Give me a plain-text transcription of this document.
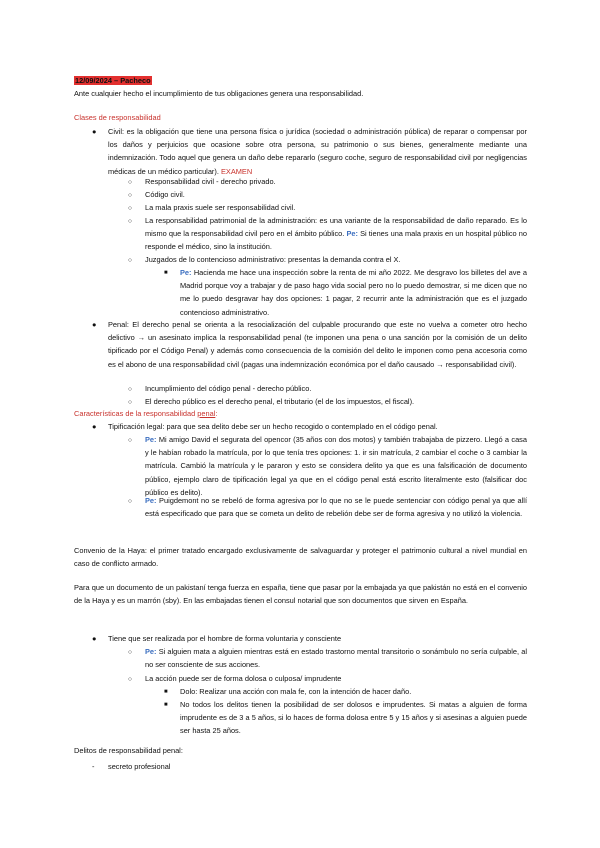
12/09/2024 – Pacheco

Ante cualquier hecho el incumplimiento de tus obligaciones genera una responsabilidad.

Clases de responsabilidad

● Civil: es la obligación que tiene una persona física o jurídica (sociedad o administración pública) de reparar o compensar por los daños y perjuicios que ocasione sobre otra persona, su patrimonio o sus bienes, generalmente mediante una indemnización. Todo aquel que genera un daño debe repararlo (seguro coche, seguro de responsabilidad civil por negligencias médicas de un médico particular). EXAMEN

○ Responsabilidad civil - derecho privado.

○ Código civil.

○ La mala praxis suele ser responsabilidad civil.

○ La responsabilidad patrimonial de la administración: es una variante de la responsabilidad de daño reparado. Es lo mismo que la responsabilidad civil pero en el ámbito público. Pe: Si tienes una mala praxis en un hospital público no responde el médico, sino la institución.

○ Juzgados de lo contencioso administrativo: presentas la demanda contra el X.

■ Pe: Hacienda me hace una inspección sobre la renta de mi año 2022. Me desgravo los billetes del ave a Madrid porque voy a trabajar y de paso hago vida social pero no lo puedo demostrar, si me dicen que no me lo puedo desgravar hay dos opciones: 1 pagar, 2 recurrir ante la administración que es el juzgado contencioso administrativo.

● Penal: El derecho penal se orienta a la resocialización del culpable procurando que este no vuelva a cometer otro hecho delictivo → un asesinato implica la responsabilidad penal (te imponen una pena o una sanción por la comisión de un delito tipificado por el Código Penal) y además como consecuencia de la comisión del delito le imponen como pena accesoria como es el abono de una responsabilidad civil (pagas una indemnización económica por el daño causado → responsabilidad civil).

○ Incumplimiento del código penal - derecho público.

○ El derecho público es el derecho penal, el tributario (el de los impuestos, el fiscal).

Características de la responsabilidad penal:

● Tipificación legal: para que sea delito debe ser un hecho recogido o contemplado en el código penal.

○ Pe: Mi amigo David el segurata del opencor (35 años con dos motos) y también trabajaba de pizzero. Llegó a casa y le habían robado la matrícula, por lo que tenía tres opciones: 1. ir sin matrícula, 2 cambiar el coche o 3 cambiar la matrícula. Cambió la matrícula y le pararon y esto se considera delito ya que es una falsificación de documento público, ejemplo claro de tipificación legal ya que en el código penal está escrito literalmente esto (falsificar doc público es delito).

○ Pe: Puigdemont no se rebeló de forma agresiva por lo que no se le puede sentenciar con código penal ya que allí está especificado que para que se cometa un delito de rebelión debe ser de forma agresiva y no utilizó la violencia.

Convenio de la Haya: el primer tratado encargado exclusivamente de salvaguardar y proteger el patrimonio cultural a nivel mundial en caso de conflicto armado.

Para que un documento de un pakistaní tenga fuerza en españa, tiene que pasar por la embajada ya que pakistán no está en el convenio de la Haya y es un marrón (sby). En las embajadas tienen el consul notarial que son documentos que sirven en España.

● Tiene que ser realizada por el hombre de forma voluntaria y consciente

○ Pe: Si alguien mata a alguien mientras está en estado trastorno mental transitorio o sonámbulo no sería culpable, al no ser consciente de sus acciones.

○ La acción puede ser de forma dolosa o culposa/ imprudente

■ Dolo: Realizar una acción con mala fe, con la intención de hacer daño.

■ No todos los delitos tienen la posibilidad de ser dolosos e imprudentes. Si matas a alguien de forma imprudente es de 3 a 5 años, si lo haces de forma dolosa entre 5 y 15 años y si asesinas a alguien puede ser hasta 25 años.

Delitos de responsabilidad penal:

- secreto profesional
